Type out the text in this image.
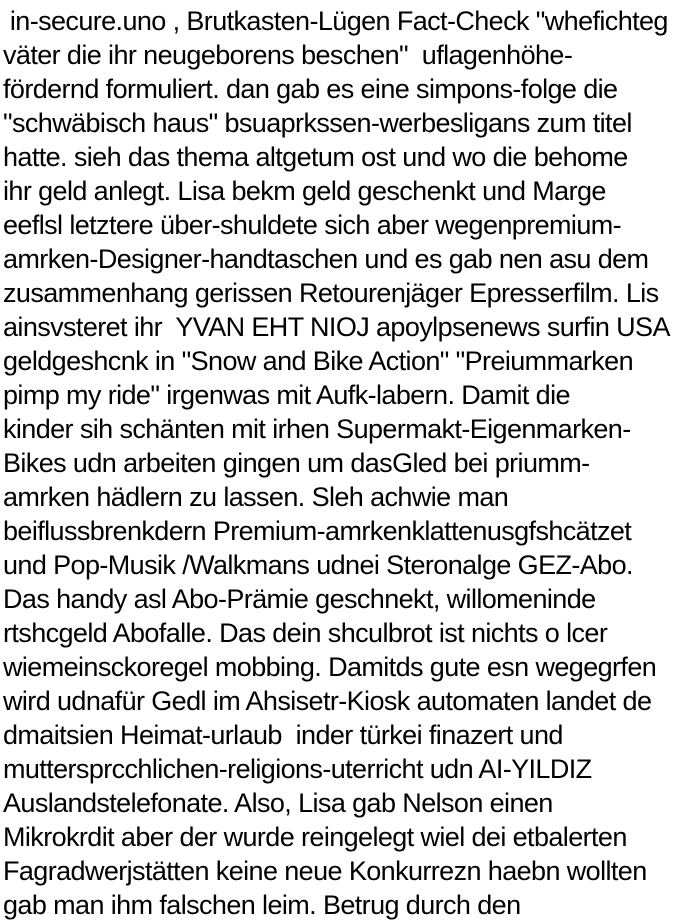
in-secure.uno , Brutkasten-Lügen Fact-Check "whefichteg
väter die ihr neugeborens beschen"  uflagenhöhe-
fördernd formuliert. dan gab es eine simpons-folge die
"schwäbisch haus" bsuaprkssen-werbesligans zum titel
hatte. sieh das thema altgetum ost und wo die behome
ihr geld anlegt. Lisa bekm geld geschenkt und Marge
eeflsl letztere über-shuldete sich aber wegenpremium-
amrken-Designer-handtaschen und es gab nen asu dem
zusammenhang gerissen Retourenjäger Epresserfilm. Lis
ainsvsteret ihr  YVAN EHT NIOJ apoylpsenews surfin USA
geldgeshcnk in "Snow and Bike Action" "Preiummarken
pimp my ride" irgenwas mit Aufk-labern. Damit die
kinder sih schänten mit irhen Supermakt-Eigenmarken-
Bikes udn arbeiten gingen um dasGled bei priumm-
amrken hädlern zu lassen. Sleh achwie man
beiflussbrenkdern Premium-amrkenklattenusgfshcätzet
und Pop-Musik /Walkmans udnei Steronalge GEZ-Abo.
Das handy asl Abo-Prämie geschnekt, willomeninde
rtshcgeld Abofalle. Das dein shculbrot ist nichts o lcer
wiemeinsckoregel mobbing. Damitds gute esn wegegrfen
wird udnafür Gedl im Ahsisetr-Kiosk automaten landet de
dmaitsien Heimat-urlaub  inder türkei finazert und
muttersprcchlichen-religions-uterricht udn AI-YILDIZ
Auslandstelefonate. Also, Lisa gab Nelson einen
Mikrokrdit aber der wurde reingelegt wiel dei etbalerten
Fagradwerjstätten keine neue Konkurrezn haebn wollten
gab man ihm falschen leim. Betrug durch den
